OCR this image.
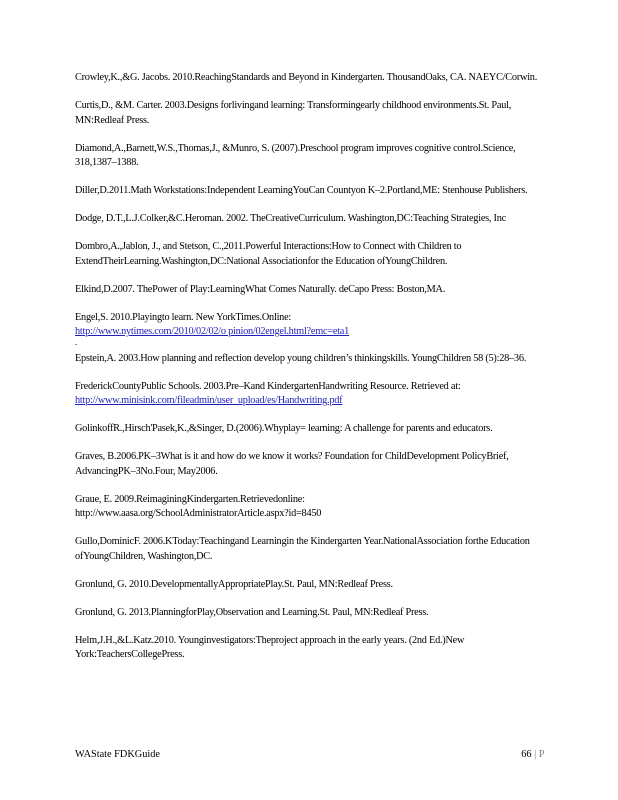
Crowley,K.,&G. Jacobs. 2010.ReachingStandards and Beyond in Kindergarten. ThousandOaks, CA. NAEYC/Corwin.

Curtis,D., &M. Carter. 2003.Designs forlivingand learning: Transformingearly childhood environments.St. Paul, MN:Redleaf Press.

Diamond,A.,Barnett,W.S.,Thomas,J., &Munro, S. (2007).Preschool program improves cognitive control.Science, 318,1387–1388.

Diller,D.2011.Math Workstations:Independent LearningYouCan Countyon K–2.Portland,ME: Stenhouse Publishers.

Dodge, D.T.,L.J.Colker,&C.Heroman. 2002. TheCreativeCurriculum. Washington,DC:Teaching Strategies, Inc

Dombro,A.,Jablon, J., and Stetson, C.,2011.Powerful Interactions:How to Connect with Children to ExtendTheirLearning.Washington,DC:National Associationfor the Education ofYoungChildren.

Elkind,D.2007. ThePower of Play:LearningWhat Comes Naturally. deCapo Press: Boston,MA.

Engel,S. 2010.Playingto learn. New YorkTimes.Online:
http://www.nytimes.com/2010/02/02/o pinion/02engel.html?emc=eta1
.

Epstein,A. 2003.How planning and reflection develop young children’s thinkingskills. YoungChildren 58 (5):28–36.

FrederickCountyPublic Schools. 2003.Pre–Kand KindergartenHandwriting Resource. Retrieved at:
http://www.minisink.com/fileadmin/user_upload/es/Handwriting.pdf

GolinkoffR.,Hirsch'Pasek,K.,&Singer, D.(2006).Whyplay= learning: A challenge for parents and educators.

Graves, B.2006.PK–3What is it and how do we know it works? Foundation for ChildDevelopment PolicyBrief, AdvancingPK–3No.Four, May2006.

Graue, E. 2009.ReimaginingKindergarten.Retrievedonline:
http://www.aasa.org/SchoolAdministratorArticle.aspx?id=8450

Gullo,DominicF. 2006.KToday:Teachingand Learningin the Kindergarten Year.NationalAssociation forthe Education ofYoungChildren, Washington,DC.

Gronlund, G. 2010.DevelopmentallyAppropriatePlay.St. Paul, MN:Redleaf Press.

Gronlund, G. 2013.PlanningforPlay,Observation and Learning.St. Paul, MN:Redleaf Press.

Helm,J.H.,&L.Katz.2010. Younginvestigators:Theproject approach in the early years. (2nd Ed.)New York:TeachersCollegePress.

WAState FDKGuide	66 | P
